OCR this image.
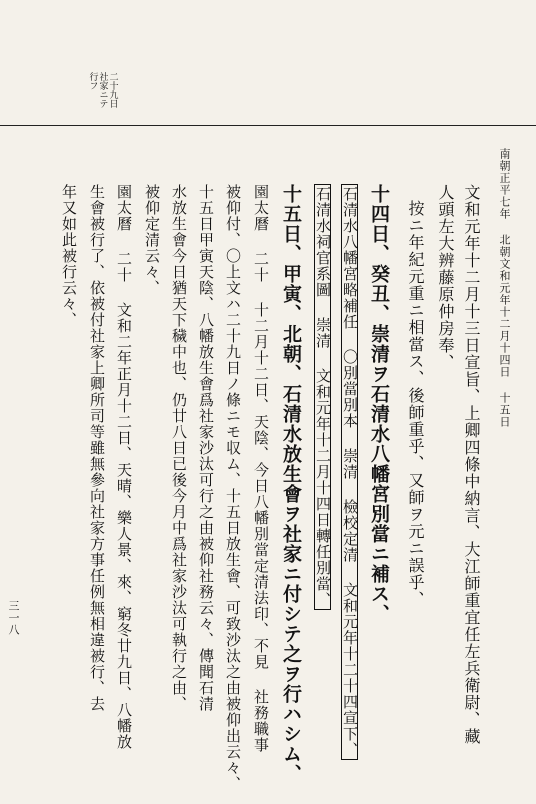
南朝正平七年 北朝文和元年十二月十四日 十五日
三一八
二十九日
社家ニテ
行フ
文和元年十二月十三日宣旨、上卿四條中納言、大江師重宜任左兵衛尉、藏
人頭左大辨藤原仲房奉、
按ニ年紀元重ニ相當ス、後師重乎、又師ヲ元ニ誤乎、
十四日、癸丑、崇清ヲ石清水八幡宮別當ニ補ス、
石清水八幡宮略補任 〇別當別本 崇清 檢校定清 文和元年十二十四宣下、
石清水祠官系圖 崇清 文和元年十二月十四日轉任別當、
十五日、甲寅、北朝、石清水放生會ヲ社家ニ付シテ之ヲ行ハシム、
園太曆 二十 十二月十二日、天陰、今日八幡別當定清法印、不見 社務職事
被仰付、〇上文ハ二十九日ノ條ニモ収ム、十五日放生會、可致沙汰之由被仰出云々、
十五日甲寅天陰、八幡放生會爲社家沙汰可行之由被仰社務云々、傳聞石清
水放生會今日猶天下穢中也、仍廿八日已後今月中爲社家沙汰可執行之由、
被仰定清云々、
園太曆 二十 文和二年正月十二日、天晴、樂人景、來、窮冬廿九日、八幡放
生會被行了、依被付社家上卿所司等雖無參向社家方事任例無相違被行、去
年又如此被行云々、
